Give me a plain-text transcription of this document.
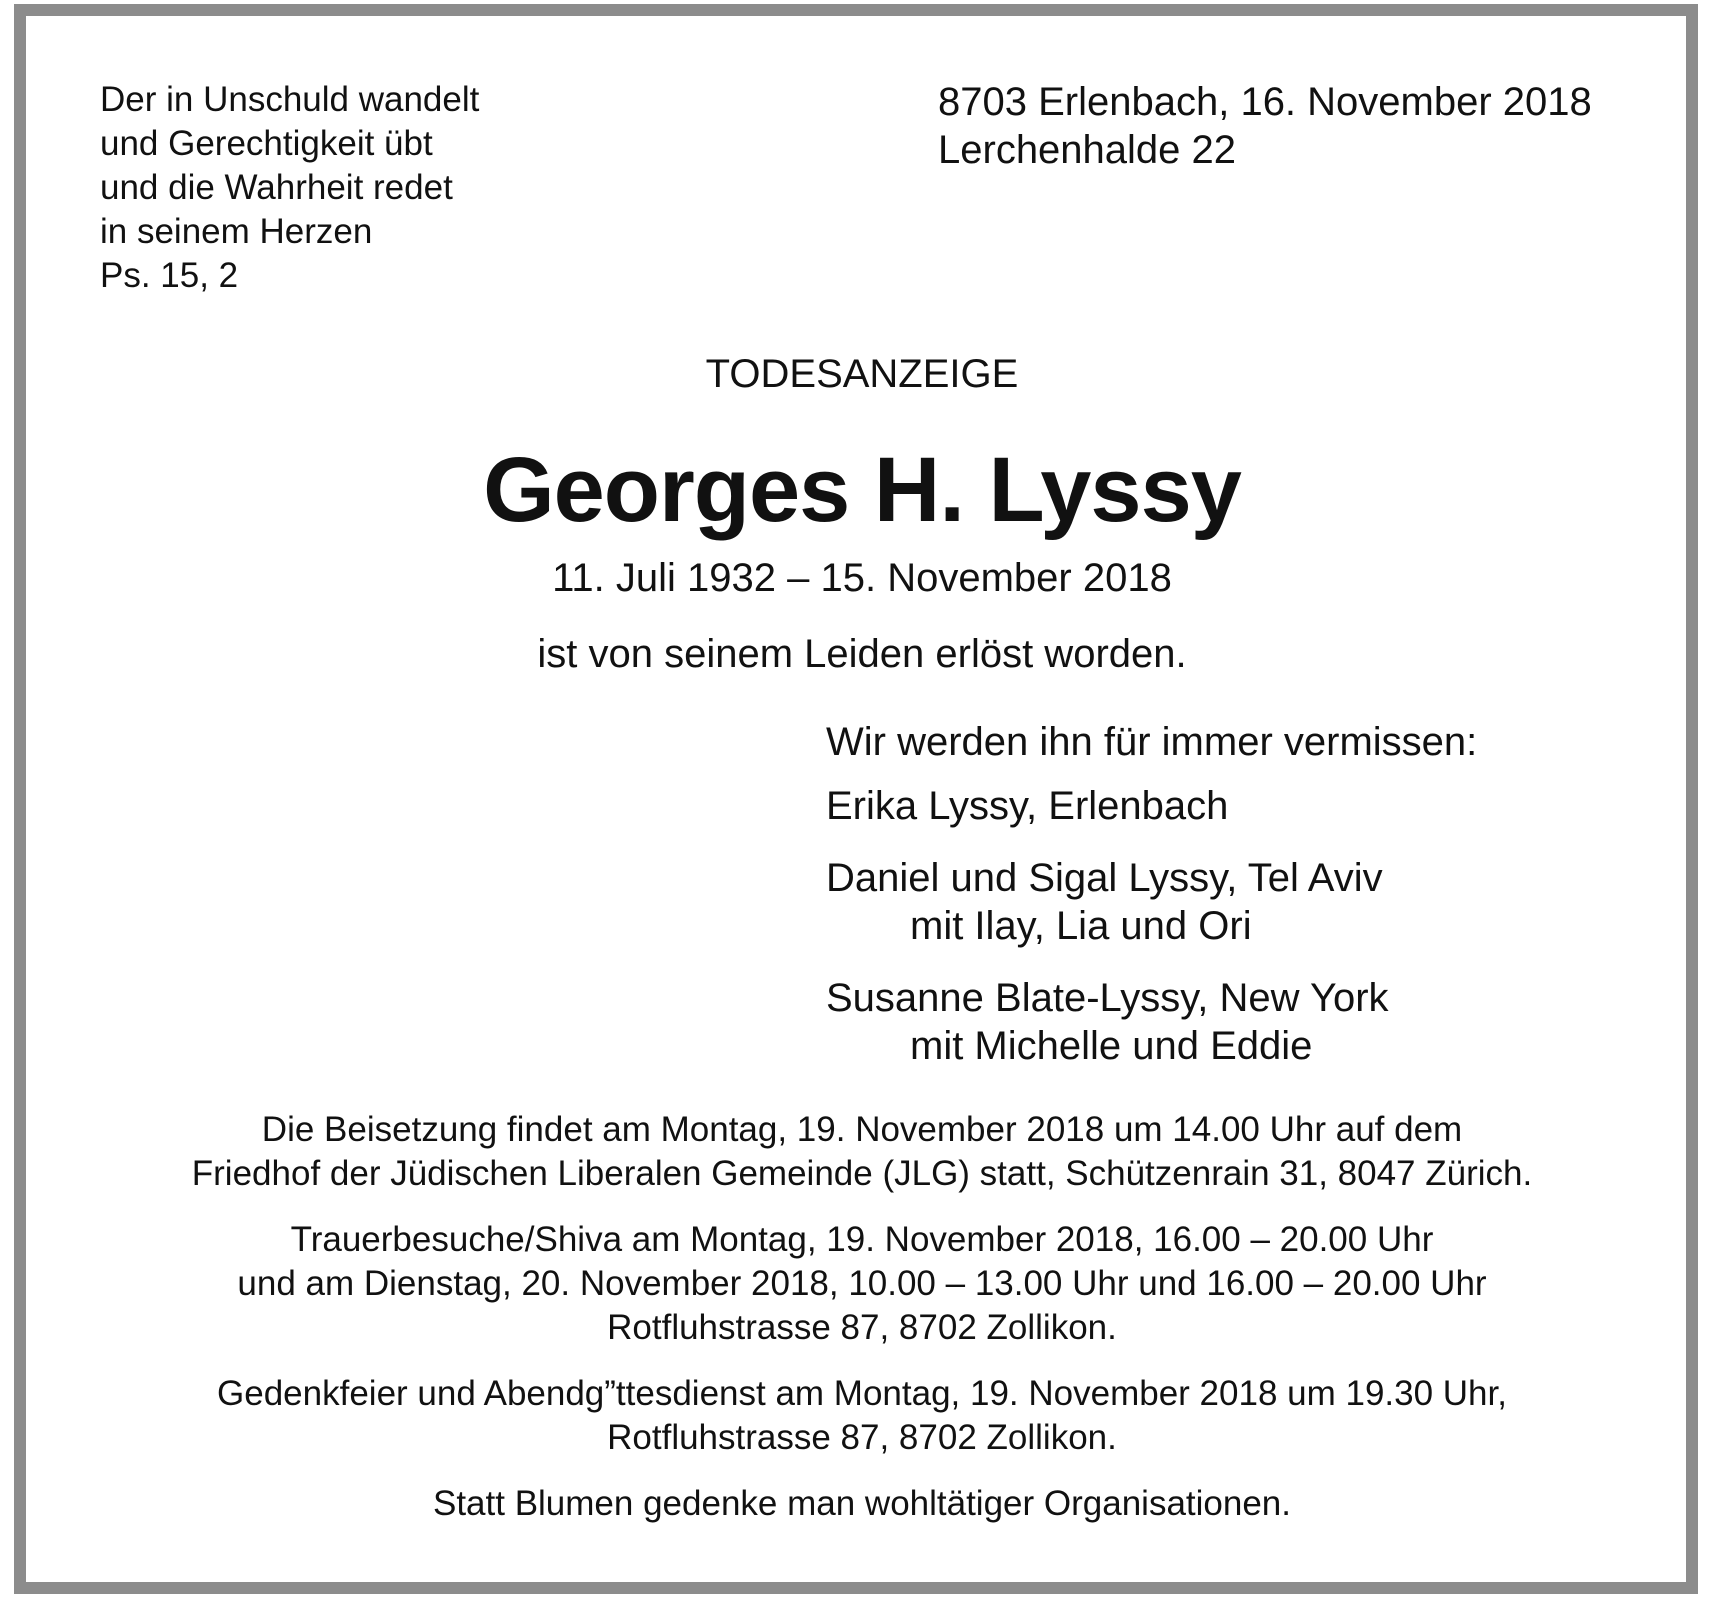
Der in Unschuld wandelt
und Gerechtigkeit übt
und die Wahrheit redet
in seinem Herzen
Ps. 15, 2
8703 Erlenbach, 16. November 2018
Lerchenhalde 22
TODESANZEIGE
Georges H. Lyssy
11. Juli 1932 – 15. November 2018
ist von seinem Leiden erlöst worden.
Wir werden ihn für immer vermissen:
Erika Lyssy, Erlenbach
Daniel und Sigal Lyssy, Tel Aviv
mit Ilay, Lia und Ori
Susanne Blate-Lyssy, New York
mit Michelle und Eddie
Die Beisetzung findet am Montag, 19. November 2018 um 14.00 Uhr auf dem
Friedhof der Jüdischen Liberalen Gemeinde (JLG) statt, Schützenrain 31, 8047 Zürich.
Trauerbesuche/Shiva am Montag, 19. November 2018, 16.00 – 20.00 Uhr
und am Dienstag, 20. November 2018, 10.00 – 13.00 Uhr und 16.00 – 20.00 Uhr
Rotfluhstrasse 87, 8702 Zollikon.
Gedenkfeier und Abendg”ttesdienst am Montag, 19. November 2018 um 19.30 Uhr,
Rotfluhstrasse 87, 8702 Zollikon.
Statt Blumen gedenke man wohltätiger Organisationen.
